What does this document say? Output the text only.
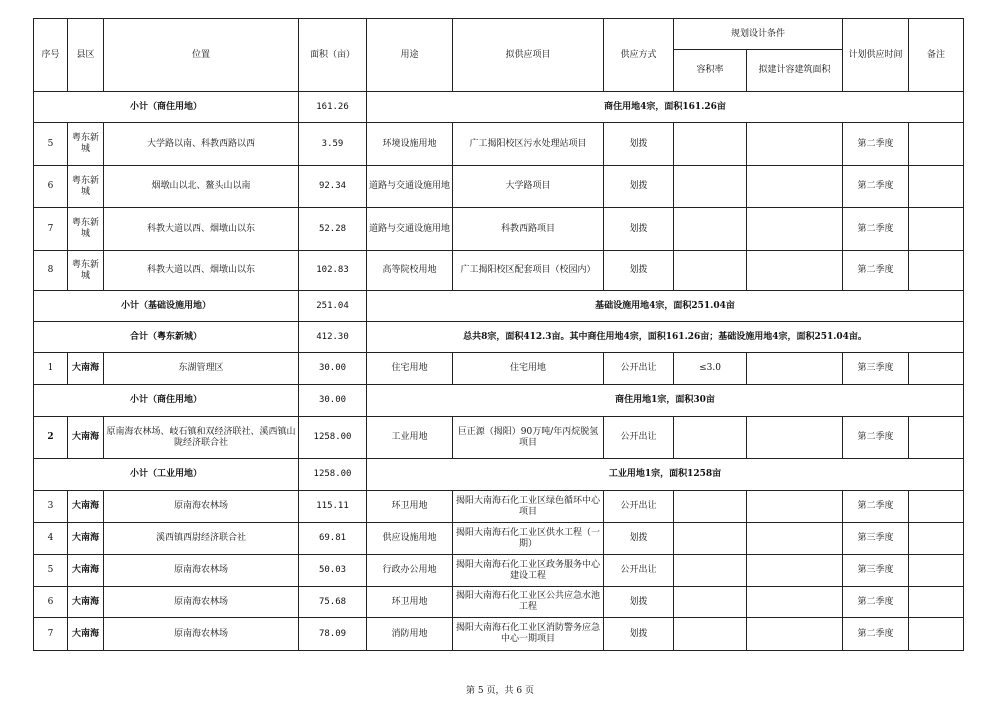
序号	县区	位置	面积（亩）	用途	拟供应项目	供应方式	规划设计条件		计划供应时间	备注
							容积率	拟建计容建筑面积		
小计（商住用地）			161.26	商住用地4宗，面积161.26亩						
5	粤东新城	大学路以南、科教西路以西	3.59	环境设施用地	广工揭阳校区污水处理站项目	划拨			第二季度	
6	粤东新城	烟墩山以北、鳌头山以南	92.34	道路与交通设施用地	大学路项目	划拨			第二季度	
7	粤东新城	科教大道以西、烟墩山以东	52.28	道路与交通设施用地	科教西路项目	划拨			第二季度	
8	粤东新城	科教大道以西、烟墩山以东	102.83	高等院校用地	广工揭阳校区配套项目（校园内）	划拨			第二季度	
小计（基础设施用地）			251.04	基础设施用地4宗，面积251.04亩						
合计（粤东新城）			412.30	总共8宗，面积412.3亩。其中商住用地4宗，面积161.26亩；基础设施用地4宗，面积251.04亩。						
1	大南海	东湖管理区	30.00	住宅用地	住宅用地	公开出让	≤3.0		第三季度	
小计（商住用地）			30.00	商住用地1宗，面积30亩						
2	大南海	原南海农林场、岐石镇和双经济联社、溪西镇山陇经济联合社	1258.00	工业用地	巨正源（揭阳）90万吨/年丙烷脱氢项目	公开出让			第二季度	
小计（工业用地）			1258.00	工业用地1宗，面积1258亩						
3	大南海	原南海农林场	115.11	环卫用地	揭阳大南海石化工业区绿色循环中心项目	公开出让			第二季度	
4	大南海	溪西镇西尉经济联合社	69.81	供应设施用地	揭阳大南海石化工业区供水工程（一期）	划拨			第三季度	
5	大南海	原南海农林场	50.03	行政办公用地	揭阳大南海石化工业区政务服务中心建设工程	公开出让			第三季度	
6	大南海	原南海农林场	75.68	环卫用地	揭阳大南海石化工业区公共应急水池工程	划拨			第二季度	
7	大南海	原南海农林场	78.09	消防用地	揭阳大南海石化工业区消防警务应急中心一期项目	划拨			第二季度	
第 5 页，共 6 页
